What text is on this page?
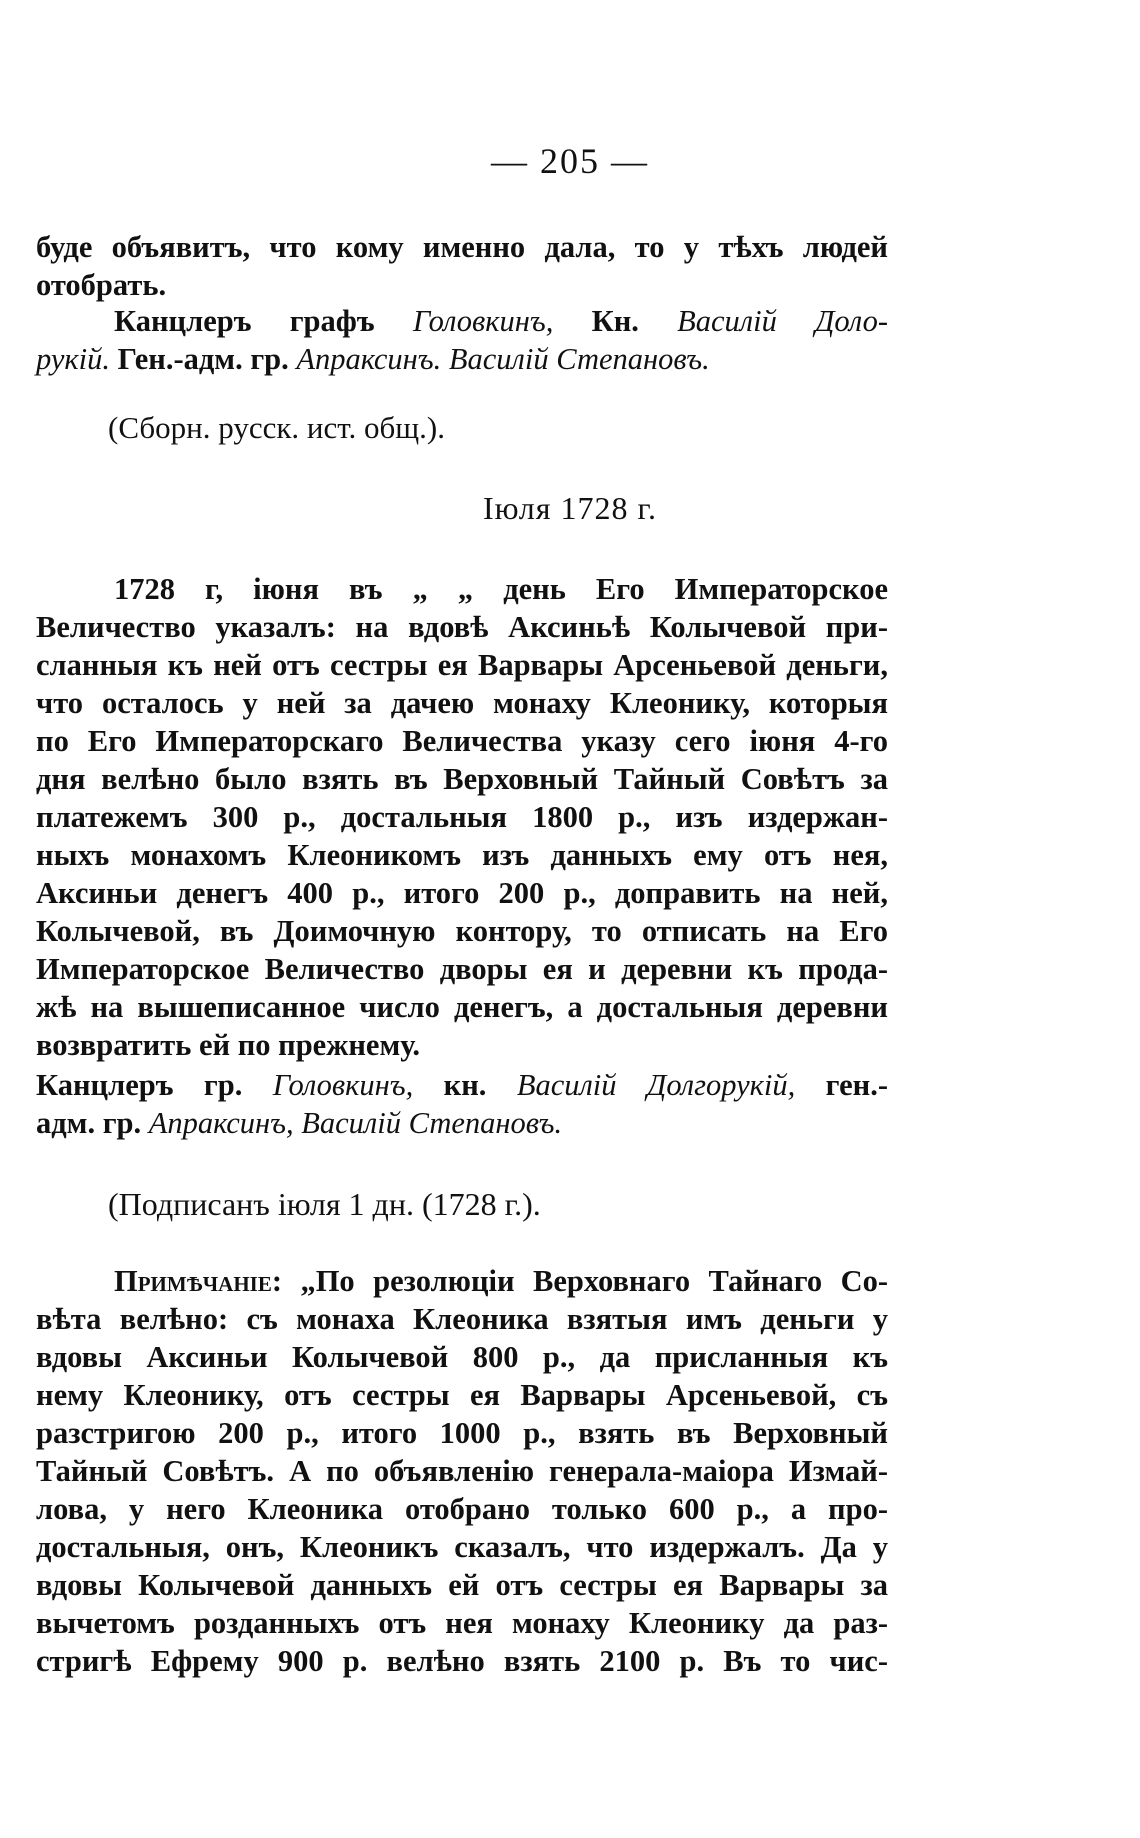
— 205 —
буде объявитъ, что кому именно дала, то у тѣхъ людей
отобрать.
Канцлеръ графъ Головкинъ, Кн. Василiй Доло-
рукiй. Ген.-адм. гр. Апраксинъ. Василiй Степановъ.
(Сборн. русск. ист. общ.).
Iюля 1728 г.
1728 г, iюня въ „ „ день Его Императорское
Величество указалъ: на вдовѣ Аксиньѣ Колычевой при-
сланныя къ ней отъ сестры ея Варвары Арсеньевой деньги,
что осталось у ней за дачею монаху Клеонику, которыя
по Его Императорскаго Величества указу сего iюня 4-го
дня велѣно было взять въ Верховный Тайный Совѣтъ за
платежемъ 300 р., достальныя 1800 р., изъ издержан-
ныхъ монахомъ Клеоникомъ изъ данныхъ ему отъ нея,
Аксиньи денегъ 400 р., итого 200 р., доправить на ней,
Колычевой, въ Доимочную контору, то отписать на Его
Императорское Величество дворы ея и деревни къ прода-
жѣ на вышеписанное число денегъ, а достальныя деревни
возвратить ей по прежнему.
Канцлеръ гр. Головкинъ, кн. Василiй Долгорукiй, ген.-
адм. гр. Апраксинъ, Василiй Степановъ.
(Подписанъ iюля 1 дн. (1728 г.).
Примѣчанiе: „По резолюцiи Верховнаго Тайнаго Со-
вѣта велѣно: съ монаха Клеоника взятыя имъ деньги у
вдовы Аксиньи Колычевой 800 р., да присланныя къ
нему Клеонику, отъ сестры ея Варвары Арсеньевой, съ
разстригою 200 р., итого 1000 р., взять въ Верховный
Тайный Совѣтъ. А по объявленiю генерала-маiора Измай-
лова, у него Клеоника отобрано только 600 р., а про-
достальныя, онъ, Клеоникъ сказалъ, что издержалъ. Да у
вдовы Колычевой данныхъ ей отъ сестры ея Варвары за
вычетомъ розданныхъ отъ нея монаху Клеонику да раз-
стригѣ Ефрему 900 р. велѣно взять 2100 р. Въ то чис-
